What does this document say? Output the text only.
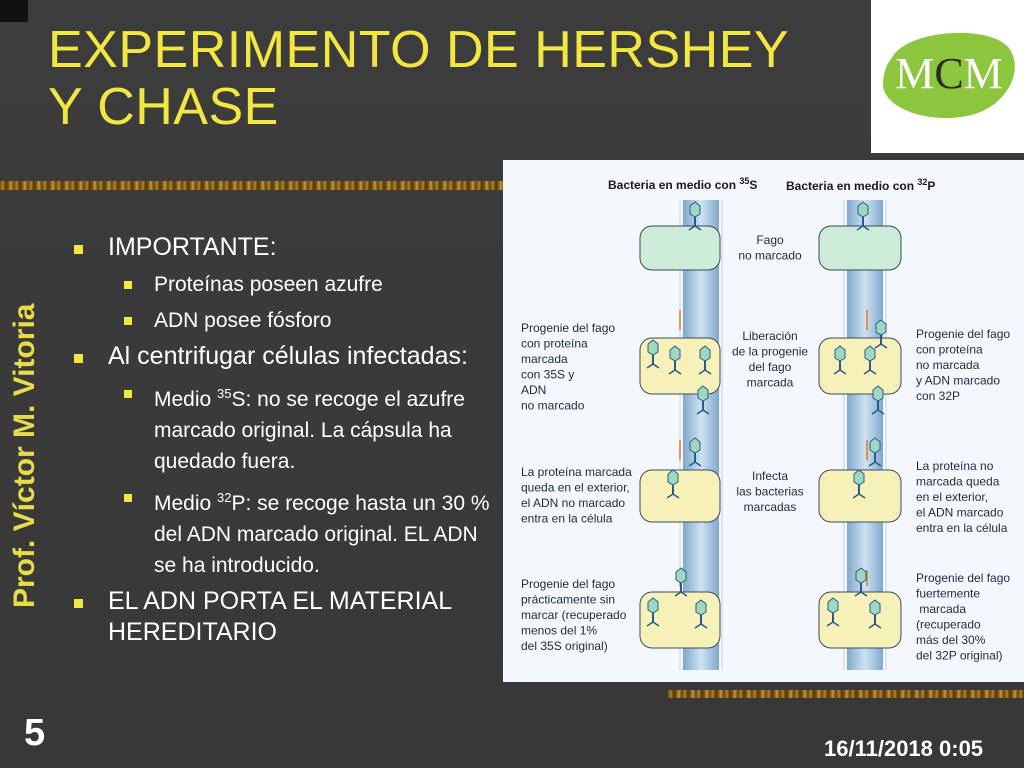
EXPERIMENTO DE HERSHEY Y CHASE
MCM
Prof. Víctor M. Vitoria
IMPORTANTE:
Proteínas poseen azufre
ADN posee fósforo
Al centrifugar células infectadas:
Medio $^{35}$S: no se recoge el azufre marcado original. La cápsula ha quedado fuera.
Medio $^{32}$P: se recoge hasta un 30 % del ADN marcado original. EL ADN se ha introducido.
EL ADN PORTA EL MATERIAL HEREDITARIO
Bacteria en medio con $^{35}$S Bacteria en medio con $^{32}$P
Fago no marcado
Liberación de la progenie del fago marcada
Infecta las bacterias marcadas
Progenie del fago con proteína marcada con 35S y ADN no marcado
La proteína marcada queda en el exterior, el ADN no marcado entra en la célula
Progenie del fago prácticamente sin marcar (recuperado menos del 1% del 35S original)
Progenie del fago con proteína no marcada y ADN marcado con 32P
La proteína no marcada queda en el exterior, el ADN marcado entra en la célula
Progenie del fago fuertemente marcada (recuperado más del 30% del 32P original)
5	16/11/2018 0:05
